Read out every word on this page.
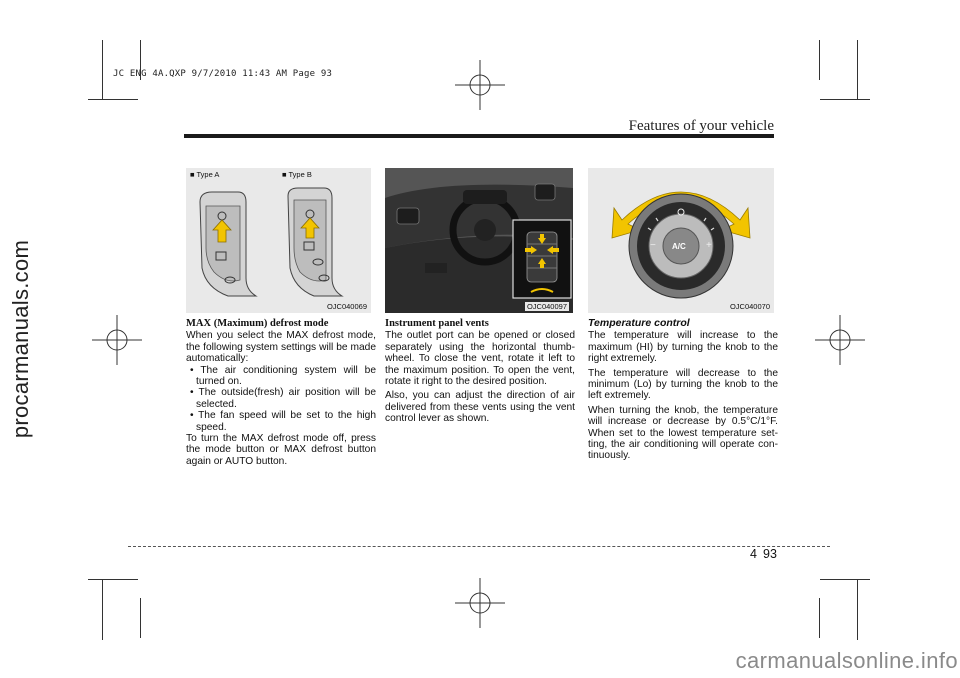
JC ENG 4A.QXP 9/7/2010 11:43 AM Page 93
Features of your vehicle
■ Type A	■ Type B
OJC040069	OJC040097
A/C
−	+
OJC040070

MAX (Maximum) defrost mode

When you select the MAX defrost mode, the following system settings will be made automatically:

• The air conditioning system will be turned on.

• The outside(fresh) air position will be selected.

• The fan speed will be set to the high speed.

To turn the MAX defrost mode off, press the mode button or MAX defrost button again or AUTO button.

Instrument panel vents

The outlet port can be opened or closed separately using the horizontal thumb-wheel. To close the vent, rotate it left to the maximum position. To open the vent, rotate it right to the desired position.

Also, you can adjust the direction of air delivered from these vents using the vent control lever as shown.

Temperature control

The temperature will increase to the maximum (HI) by turning the knob to the right extremely.

The temperature will decrease to the minimum (Lo) by turning the knob to the left extremely.

When turning the knob, the temperature will increase or decrease by 0.5°C/1°F. When set to the lowest temperature set-ting, the air conditioning will operate con-tinuously.

4 93
procarmanuals.com
carmanualsonline.info
